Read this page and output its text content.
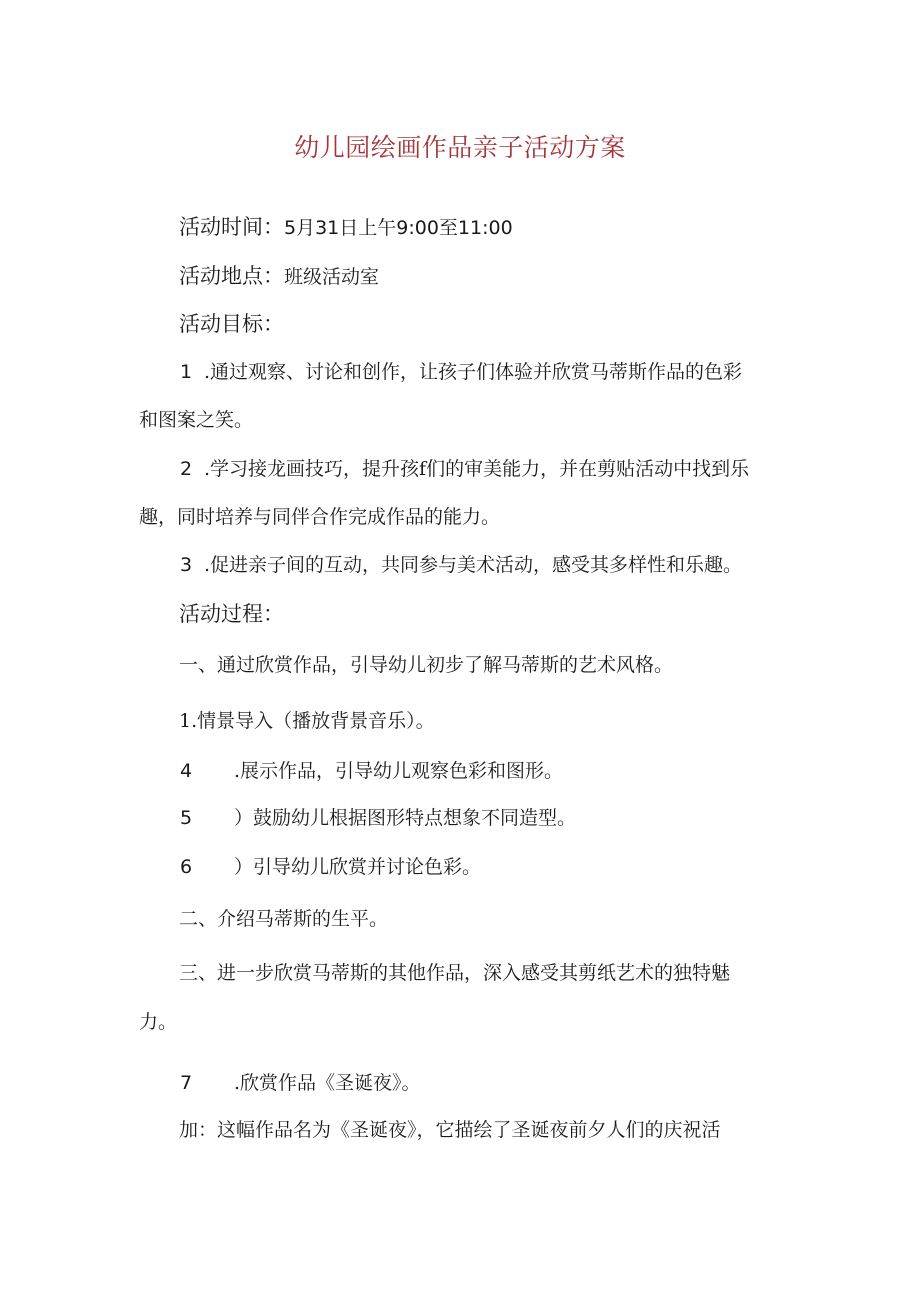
幼儿园绘画作品亲子活动方案
活动时间：5月31日上午9:00至11:00
活动地点：班级活动室
活动目标：
1 .通过观察、讨论和创作，让孩子们体验并欣赏马蒂斯作品的色彩
和图案之笑。
2 .学习接龙画技巧，提升孩f们的审美能力，并在剪贴活动中找到乐
趣，同时培养与同伴合作完成作品的能力。
3 .促进亲子间的互动，共同参与美术活动，感受其多样性和乐趣。
活动过程：
一、通过欣赏作品，引导幼儿初步了解马蒂斯的艺术风格。
1.情景导入（播放背景音乐）。
4 .展示作品，引导幼儿观察色彩和图形。
5 ）鼓励幼儿根据图形特点想象不同造型。
6 ）引导幼儿欣赏并讨论色彩。
二、介绍马蒂斯的生平。
三、进一步欣赏马蒂斯的其他作品，深入感受其剪纸艺术的独特魅
力。
7 .欣赏作品《圣诞夜》。
加：这幅作品名为《圣诞夜》，它描绘了圣诞夜前夕人们的庆祝活
